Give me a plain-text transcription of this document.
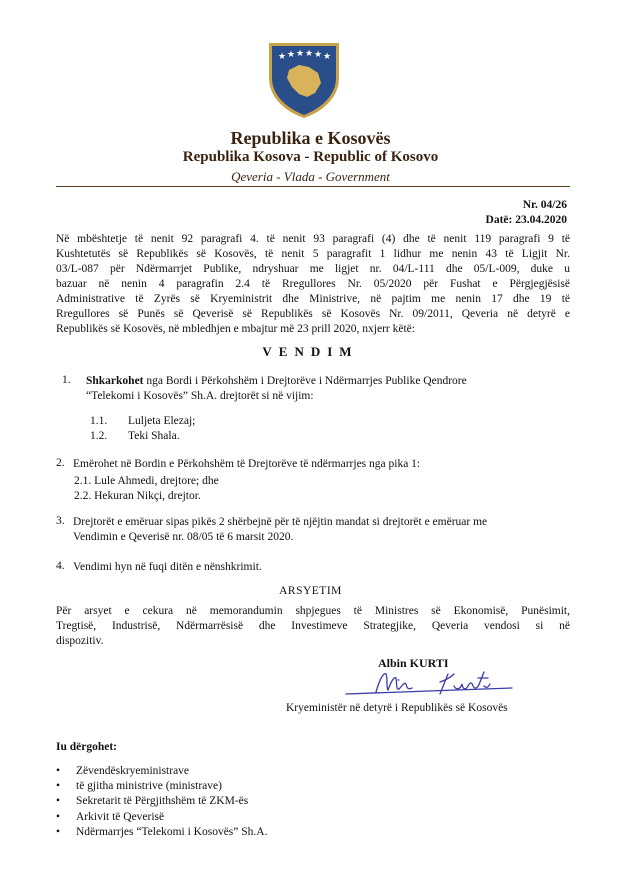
★ ★ ★ ★ ★ ★
Republika e Kosovës
Republika Kosova - Republic of Kosovo
Qeveria - Vlada - Government
Nr. 04/26
Datë: 23.04.2020
Në mbështetje të nenit 92 paragrafi 4. të nenit 93 paragrafi (4) dhe të nenit 119 paragrafi 9 të
Kushtetutës së Republikës së Kosovës, të nenit 5 paragrafit 1 lidhur me nenin 43 të Ligjit Nr.
03/L-087 për Ndërmarrjet Publike, ndryshuar me ligjet nr. 04/L-111 dhe 05/L-009, duke u
bazuar në nenin 4 paragrafin 2.4 të Rregullores Nr. 05/2020 për Fushat e Përgjegjësisë
Administrative të Zyrës së Kryeministrit dhe Ministrive, në pajtim me nenin 17 dhe 19 të
Rregullores së Punës së Qeverisë së Republikës së Kosovës Nr. 09/2011, Qeveria në detyrë e
Republikës së Kosovës, në mbledhjen e mbajtur më 23 prill 2020, nxjerr këtë:
VENDIM
1. Shkarkohet nga Bordi i Përkohshëm i Drejtorëve i Ndërmarrjes Publike Qendrore
“Telekomi i Kosovës” Sh.A. drejtorët si në vijim:
1.1. Luljeta Elezaj;
1.2. Teki Shala.
2. Emërohet në Bordin e Përkohshëm të Drejtorëve të ndërmarrjes nga pika 1:
2.1. Lule Ahmedi, drejtore; dhe
2.2. Hekuran Nikçi, drejtor.
3. Drejtorët e emëruar sipas pikës 2 shërbejnë për të njëjtin mandat si drejtorët e emëruar me
Vendimin e Qeverisë nr. 08/05 të 6 marsit 2020.
4. Vendimi hyn në fuqi ditën e nënshkrimit.
ARSYETIM
Për arsyet e cekura në memorandumin shpjegues të Ministres së Ekonomisë, Punësimit,
Tregtisë, Industrisë, Ndërmarrësisë dhe Investimeve Strategjike, Qeveria vendosi si në
dispozitiv.
Albin KURTI
Kryeministër në detyrë i Republikës së Kosovës
Iu dërgohet:
• Zëvendëskryeministrave
• të gjitha ministrive (ministrave)
• Sekretarit të Përgjithshëm të ZKM-ës
• Arkivit të Qeverisë
• Ndërmarrjes “Telekomi i Kosovës” Sh.A.
